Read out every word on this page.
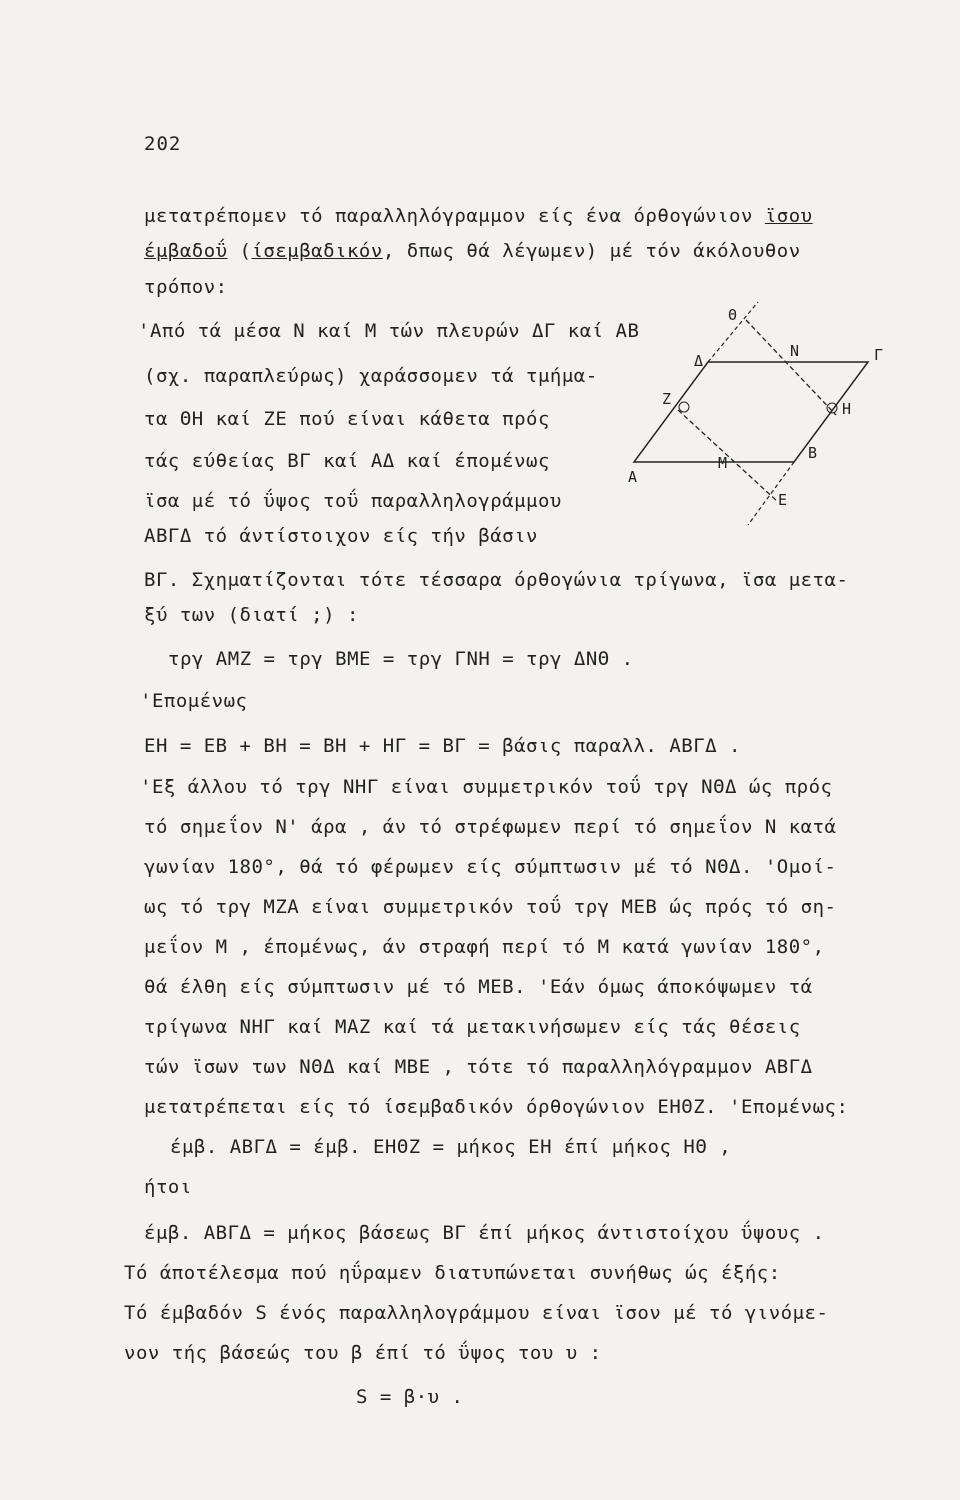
202
μετατρέπομεν τό παραλληλόγραμμον είς ένα όρθογώνιον ϊσου
έμβαδοΰ (ίσεμβαδικόν, δπως θά λέγωμεν) μέ τόν άκόλουθον
τρόπον:
'Από τά μέσα N καί M τών πλευρών ΔΓ καί AB
(σχ. παραπλεύρως) χαράσσομεν τά τμήμα-
τα ΘΗ καί ΖΕ πού είναι κάθετα πρός
τάς εύθείας ΒΓ καί ΑΔ καί έπομένως
ϊσα μέ τό ΰψος τοΰ παραλληλογράμμου
ΑΒΓΔ τό άντίστοιχον είς τήν βάσιν
ΒΓ. Σχηματίζονται τότε τέσσαρα όρθογώνια τρίγωνα, ϊσα μετα-
ξύ των (διατί ;) :
τργ ΑΜΖ = τργ ΒΜΕ = τργ ΓΝΗ = τργ ΔΝΘ .
'Επομένως
ΕΗ = ΕΒ + ΒΗ = ΒΗ + ΗΓ = ΒΓ = βάσις παραλλ. ΑΒΓΔ .
'Εξ άλλου τό τργ ΝΗΓ είναι συμμετρικόν τοΰ τργ ΝΘΔ ώς πρός
τό σημεΐον Ν' άρα , άν τό στρέφωμεν περί τό σημεΐον Ν κατά
γωνίαν 180°, θά τό φέρωμεν είς σύμπτωσιν μέ τό ΝΘΔ. 'Ομοί-
ως τό τργ ΜΖΑ είναι συμμετρικόν τοΰ τργ ΜΕΒ ώς πρός τό ση-
μεΐον Μ , έπομένως, άν στραφή περί τό Μ κατά γωνίαν 180°,
θά έλθη είς σύμπτωσιν μέ τό ΜΕΒ. 'Εάν όμως άποκόψωμεν τά
τρίγωνα ΝΗΓ καί ΜΑΖ καί τά μετακινήσωμεν είς τάς θέσεις
τών ϊσων των ΝΘΔ καί ΜΒΕ , τότε τό παραλληλόγραμμον ΑΒΓΔ
μετατρέπεται είς τό ίσεμβαδικόν όρθογώνιον ΕΗΘΖ. 'Επομένως:
έμβ. ΑΒΓΔ = έμβ. ΕΗΘΖ = μήκος ΕΗ έπί μήκος ΗΘ ,
ήτοι
έμβ. ΑΒΓΔ = μήκος βάσεως ΒΓ έπί μήκος άντιστοίχου ΰψους .
Τό άποτέλεσμα πού ηΰραμεν διατυπώνεται συνήθως ώς έξής:
Τό έμβαδόν S ένός παραλληλογράμμου είναι ϊσον μέ τό γινόμε-
νον τής βάσεώς του β έπί τό ΰψος του υ :
S = β·υ .
Θ
Δ
N	Γ
Z
H
A
M
B
E
